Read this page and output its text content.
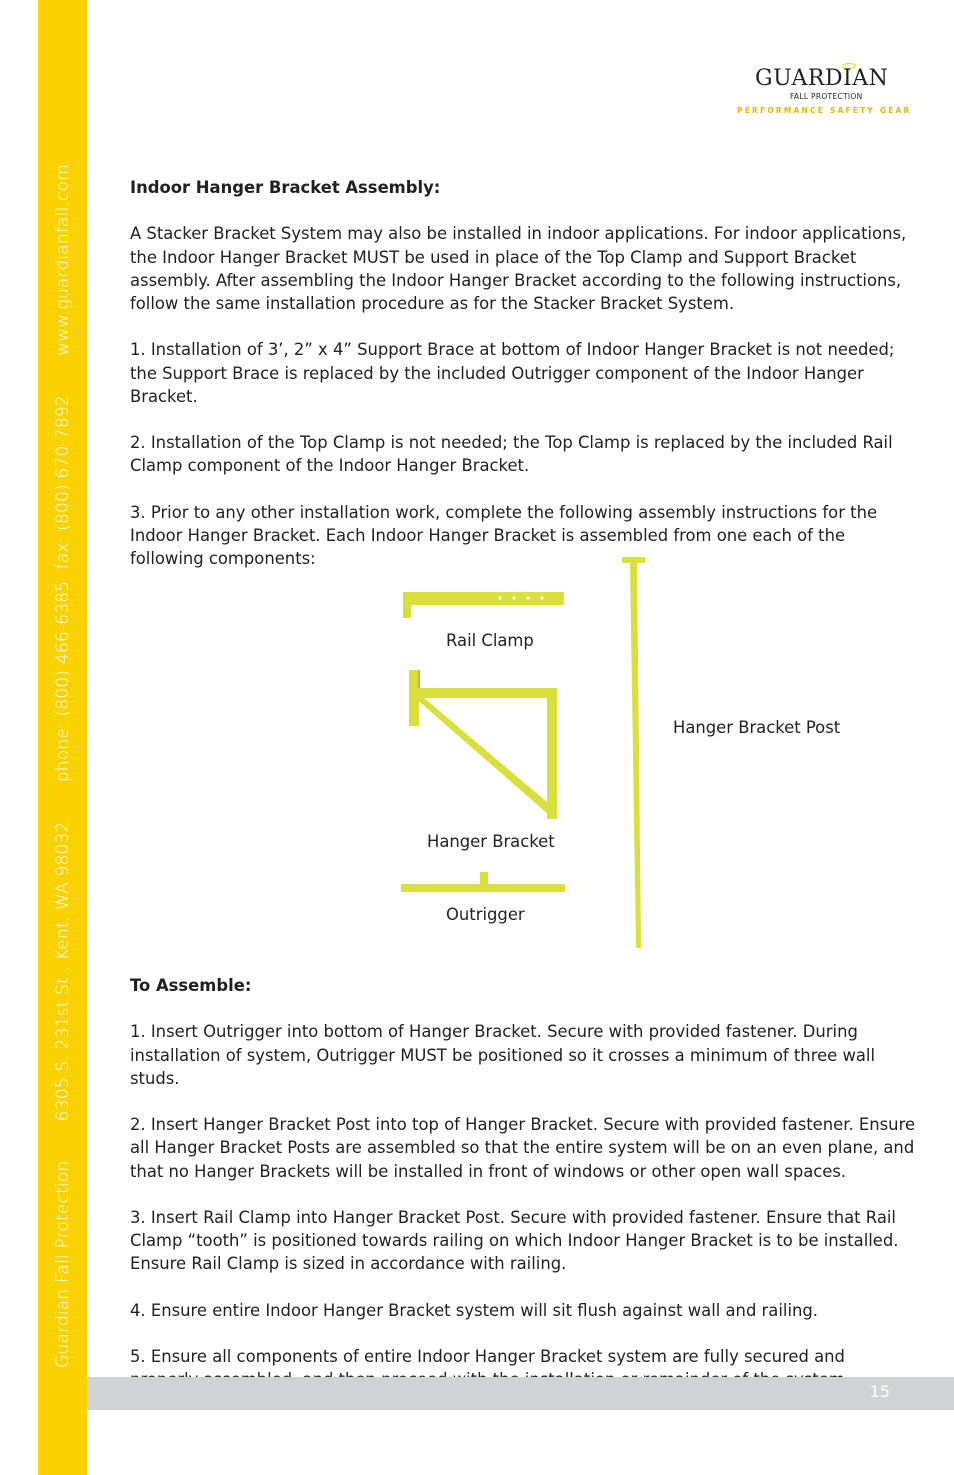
Guardian Fall Protection       6305 S. 231st St., Kent, WA 98032       phone: (800) 466-6385  fax: (800) 670-7892       www.guardianfall.com
GUARDIAN
FALL PROTECTION
PERFORMANCE SAFETY GEAR

Indoor Hanger Bracket Assembly:

A Stacker Bracket System may also be installed in indoor applications. For indoor applications, the Indoor Hanger Bracket MUST be used in place of the Top Clamp and Support Bracket assembly. After assembling the Indoor Hanger Bracket according to the following instructions, follow the same installation procedure as for the Stacker Bracket System.

1. Installation of 3’, 2” x 4” Support Brace at bottom of Indoor Hanger Bracket is not needed; the Support Brace is replaced by the included Outrigger component of the Indoor Hanger Bracket.

2. Installation of the Top Clamp is not needed; the Top Clamp is replaced by the included Rail Clamp component of the Indoor Hanger Bracket.

3. Prior to any other installation work, complete the following assembly instructions for the Indoor Hanger Bracket. Each Indoor Hanger Bracket is assembled from one each of the following components:

Rail Clamp
Hanger Bracket
Outrigger
Hanger Bracket Post

To Assemble:

1. Insert Outrigger into bottom of Hanger Bracket. Secure with provided fastener. During installation of system, Outrigger MUST be positioned so it crosses a minimum of three wall studs.

2. Insert Hanger Bracket Post into top of Hanger Bracket. Secure with provided fastener. Ensure all Hanger Bracket Posts are assembled so that the entire system will be on an even plane, and that no Hanger Brackets will be installed in front of windows or other open wall spaces.

3. Insert Rail Clamp into Hanger Bracket Post. Secure with provided fastener. Ensure that Rail Clamp “tooth” is positioned towards railing on which Indoor Hanger Bracket is to be installed. Ensure Rail Clamp is sized in accordance with railing.

4. Ensure entire Indoor Hanger Bracket system will sit flush against wall and railing.

5. Ensure all components of entire Indoor Hanger Bracket system are fully secured and

15
